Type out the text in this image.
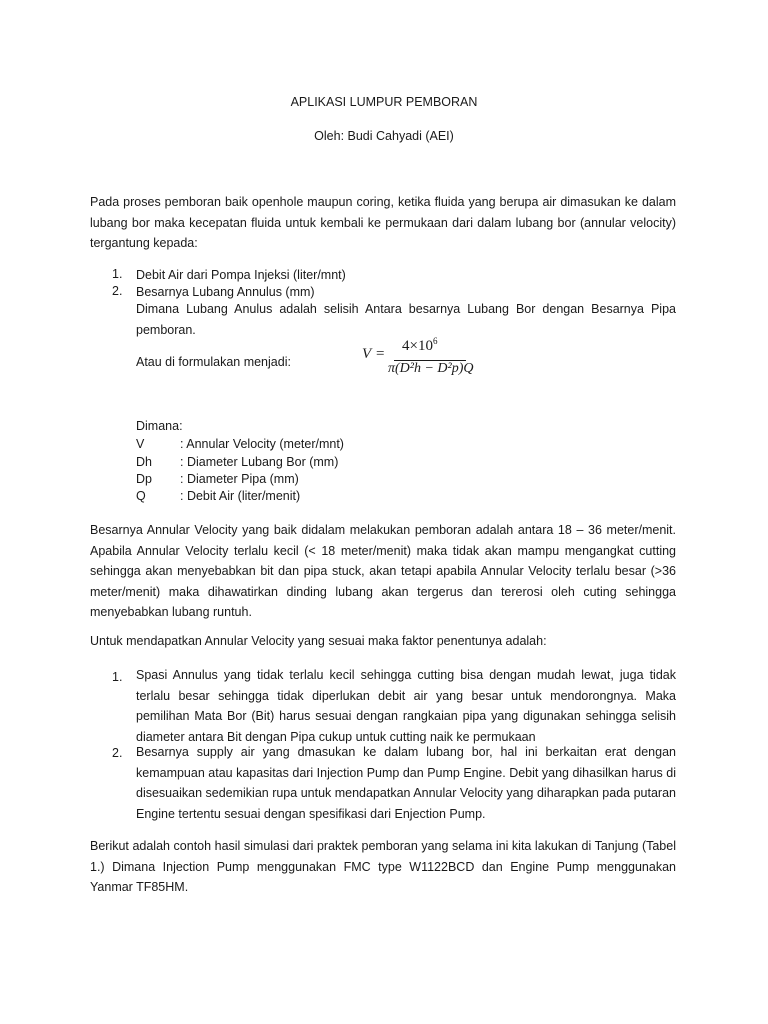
APLIKASI LUMPUR PEMBORAN
Oleh: Budi Cahyadi (AEI)
Pada proses pemboran baik openhole maupun coring, ketika fluida yang berupa air dimasukan ke dalam lubang bor maka kecepatan fluida untuk kembali ke permukaan dari dalam lubang bor (annular velocity) tergantung kepada:
1. Debit Air dari Pompa Injeksi (liter/mnt)
2. Besarnya Lubang Annulus (mm)
Dimana Lubang Anulus adalah selisih Antara besarnya Lubang Bor dengan Besarnya Pipa pemboran.
Atau di formulakan menjadi:	$V = 4\times 10^6$
π(D²h − D²p)Q
Dimana:
V	: Annular Velocity (meter/mnt)
Dh : Diameter Lubang Bor (mm)
Dp : Diameter Pipa (mm)
Q	: Debit Air (liter/menit)
Besarnya Annular Velocity yang baik didalam melakukan pemboran adalah antara 18 – 36 meter/menit. Apabila Annular Velocity terlalu kecil (< 18 meter/menit) maka tidak akan mampu mengangkat cutting sehingga akan menyebabkan bit dan pipa stuck, akan tetapi apabila Annular Velocity terlalu besar (>36 meter/menit) maka dihawatirkan dinding lubang akan tergerus dan tererosi oleh cuting sehingga menyebabkan lubang runtuh.
Untuk mendapatkan Annular Velocity yang sesuai maka faktor penentunya adalah:
1. Spasi Annulus yang tidak terlalu kecil sehingga cutting bisa dengan mudah lewat, juga tidak terlalu besar sehingga tidak diperlukan debit air yang besar untuk mendorongnya. Maka pemilihan Mata Bor (Bit) harus sesuai dengan rangkaian pipa yang digunakan sehingga selisih diameter antara Bit dengan Pipa cukup untuk cutting naik ke permukaan
2. Besarnya supply air yang dmasukan ke dalam lubang bor, hal ini berkaitan erat dengan kemampuan atau kapasitas dari Injection Pump dan Pump Engine. Debit yang dihasilkan harus di disesuaikan sedemikian rupa untuk mendapatkan Annular Velocity yang diharapkan pada putaran Engine tertentu sesuai dengan spesifikasi dari Enjection Pump.
Berikut adalah contoh hasil simulasi dari praktek pemboran yang selama ini kita lakukan di Tanjung (Tabel 1.) Dimana Injection Pump menggunakan FMC type W1122BCD dan Engine Pump menggunakan Yanmar TF85HM.
